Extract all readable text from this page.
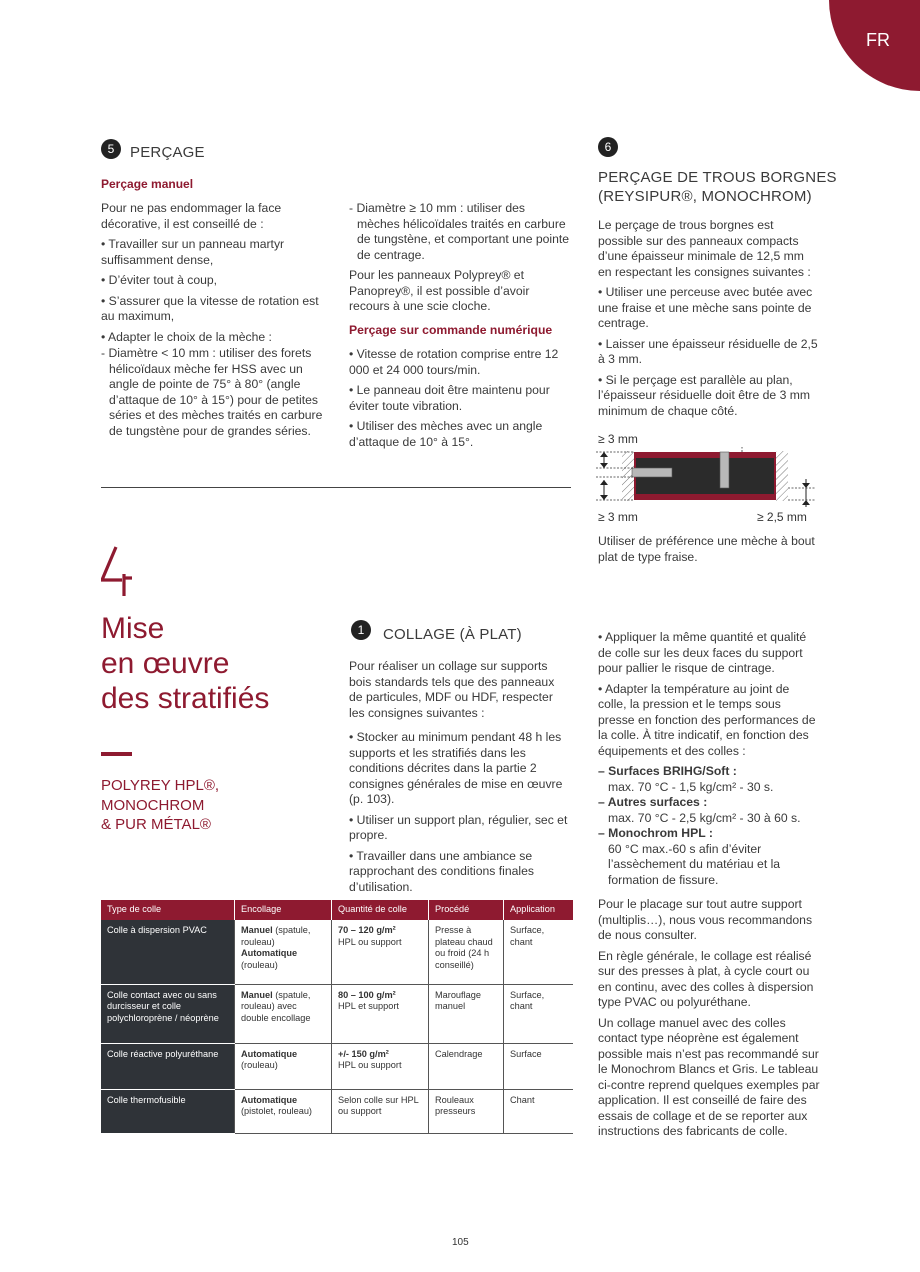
FR
5	PERÇAGE
Perçage manuel

Pour ne pas endommager la face décorative, il est conseillé de :

• Travailler sur un panneau martyr suffisamment dense,

• D’éviter tout à coup,

• S’assurer que la vitesse de rotation est au maximum,

• Adapter le choix de la mèche :

- Diamètre < 10 mm : utiliser des forets hélicoïdaux mèche fer HSS avec un angle de pointe de 75° à 80° (angle d’attaque de 10° à 15°) pour de petites séries et des mèches traités en carbure de tungstène pour de grandes séries.

- Diamètre ≥ 10 mm : utiliser des mèches hélicoïdales traités en carbure de tungstène, et comportant une pointe de centrage.

Pour les panneaux Polyprey® et Panoprey®, il est possible d’avoir recours à une scie cloche.

Perçage sur commande numérique

• Vitesse de rotation comprise entre 12 000 et 24 000 tours/min.

• Le panneau doit être maintenu pour éviter toute vibration.

• Utiliser des mèches avec un angle d’attaque de 10° à 15°.

6
PERÇAGE DE TROUS BORGNES
(REYSIPUR®, MONOCHROM)

Le perçage de trous borgnes est possible sur des panneaux compacts d’une épaisseur minimale de 12,5 mm en respectant les consignes suivantes :

• Utiliser une perceuse avec butée avec une fraise et une mèche sans pointe de centrage.

• Laisser une épaisseur résiduelle de 2,5 à 3 mm.

• Si le perçage est parallèle au plan, l’épaisseur résiduelle doit être de 3 mm minimum de chaque côté.

≥ 3 mm
≥ 3 mm	≥ 2,5 mm
Utiliser de préférence une mèche à bout plat de type fraise.
Mise
en œuvre
des stratifiés
POLYREY HPL®,
MONOCHROM
& PUR MÉTAL®
1	COLLAGE (À PLAT)

Pour réaliser un collage sur supports bois standards tels que des panneaux de particules, MDF ou HDF, respecter les consignes suivantes :

• Stocker au minimum pendant 48 h les supports et les stratifiés dans les conditions décrites dans la partie 2 consignes générales de mise en œuvre (p. 103).

• Utiliser un support plan, régulier, sec et propre.

• Travailler dans une ambiance se rapprochant des conditions finales d’utilisation.

• Appliquer la même quantité et qualité de colle sur les deux faces du support pour pallier le risque de cintrage.

• Adapter la température au joint de colle, la pression et le temps sous presse en fonction des performances de la colle. À titre indicatif, en fonction des équipements et des colles :

– Surfaces BRIHG/Soft :
max. 70 °C - 1,5 kg/cm² - 30 s.
– Autres surfaces :
max. 70 °C - 2,5 kg/cm² - 30 à 60 s.
– Monochrom HPL :

60 °C max.-60 s afin d’éviter l’assèchement du matériau et la formation de fissure.

Pour le placage sur tout autre support (multiplis…), nous vous recommandons de nous consulter.

En règle générale, le collage est réalisé sur des presses à plat, à cycle court ou en continu, avec des colles à dispersion type PVAC ou polyuréthane.

Un collage manuel avec des colles contact type néoprène est également possible mais n’est pas recommandé sur le Monochrom Blancs et Gris. Le tableau ci-contre reprend quelques exemples par application. Il est conseillé de faire des essais de collage et de se reporter aux instructions des fabricants de colle.

Type de colle	Encollage	Quantité de colle	Procédé	Application
Colle à dispersion PVAC	Manuel (spatule, rouleau)
Automatique
(rouleau)	70 – 120 g/m²
HPL ou support	Presse à plateau chaud ou froid (24 h conseillé)	Surface, chant
Colle contact avec ou sans durcisseur et colle polychloroprène / néoprène	Manuel (spatule, rouleau) avec double encollage	80 – 100 g/m²
HPL et support	Marouflage manuel	Surface, chant
Colle réactive polyuréthane	Automatique
(rouleau)	+/- 150 g/m²
HPL ou support	Calendrage	Surface
Colle thermofusible	Automatique
(pistolet, rouleau)	Selon colle sur HPL ou support	Rouleaux presseurs	Chant
105
